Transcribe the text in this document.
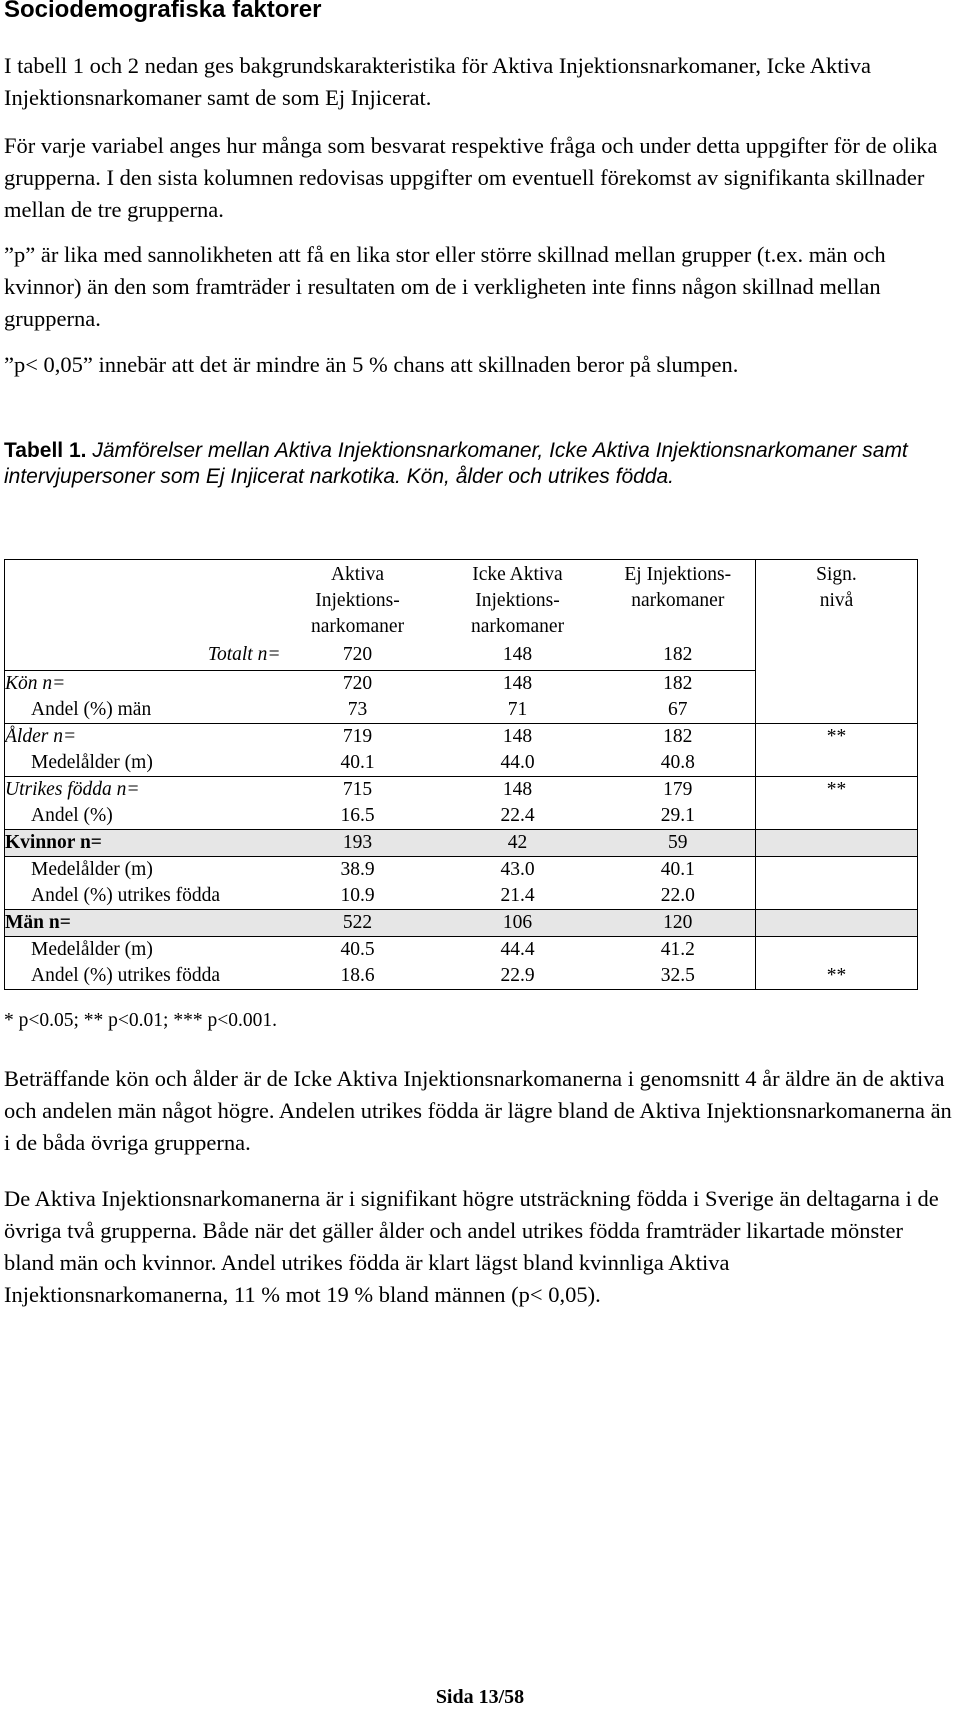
Sociodemografiska faktorer

I tabell 1 och 2 nedan ges bakgrundskarakteristika för Aktiva Injektionsnarkomaner, Icke Aktiva Injektionsnarkomaner samt de som Ej Injicerat.

För varje variabel anges hur många som besvarat respektive fråga och under detta uppgifter för de olika grupperna. I den sista kolumnen redovisas uppgifter om eventuell förekomst av signifikanta skillnader mellan de tre grupperna.

”p” är lika med sannolikheten att få en lika stor eller större skillnad mellan grupper (t.ex. män och kvinnor) än den som framträder i resultaten om de i verkligheten inte finns någon skillnad mellan grupperna.

”p< 0,05” innebär att det är mindre än 5 % chans att skillnaden beror på slumpen.

Tabell 1. Jämförelser mellan Aktiva Injektionsnarkomaner, Icke Aktiva Injektionsnarkomaner samt intervjupersoner som Ej Injicerat narkotika. Kön, ålder och utrikes födda.

	Aktiva
Injektions-
narkomaner	Icke Aktiva
Injektions-
narkomaner	Ej Injektions-
narkomaner	Sign.
nivå
Totalt n=	720	148	182	
Kön n=	720	148	182	
Andel (%) män	73	71	67	
Ålder n=	719	148	182	**
Medelålder (m)	40.1	44.0	40.8	
Utrikes födda n=	715	148	179	**
Andel (%)	16.5	22.4	29.1	
Kvinnor n=	193	42	59	
Medelålder (m)	38.9	43.0	40.1	
Andel (%) utrikes födda	10.9	21.4	22.0	
Män n=	522	106	120	
Medelålder (m)	40.5	44.4	41.2	
Andel (%) utrikes födda	18.6	22.9	32.5	**

* p<0.05; ** p<0.01; *** p<0.001.

Beträffande kön och ålder är de Icke Aktiva Injektionsnarkomanerna i genomsnitt 4 år äldre än de aktiva och andelen män något högre. Andelen utrikes födda är lägre bland de Aktiva Injektionsnarkomanerna än i de båda övriga grupperna.

De Aktiva Injektionsnarkomanerna är i signifikant högre utsträckning födda i Sverige än deltagarna i de övriga två grupperna. Både när det gäller ålder och andel utrikes födda framträder likartade mönster bland män och kvinnor. Andel utrikes födda är klart lägst bland kvinnliga Aktiva Injektionsnarkomanerna, 11 % mot 19 % bland männen (p< 0,05).

Sida 13/58
